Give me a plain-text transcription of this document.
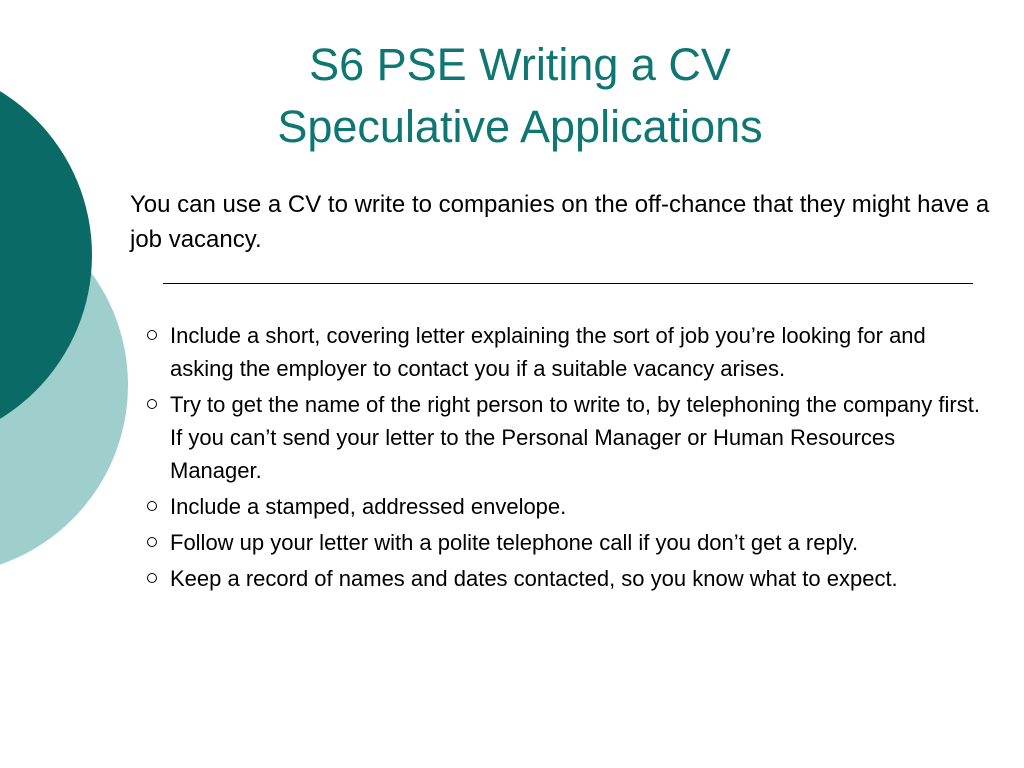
S6 PSE Writing a CV
Speculative Applications

You can use a CV to write to companies on the off-chance that they might have a job vacancy.

Include a short, covering letter explaining the sort of job you’re looking for and asking the employer to contact you if a suitable vacancy arises.
Try to get the name of the right person to write to, by telephoning the company first. If you can’t send your letter to the Personal Manager or Human Resources Manager.
Include a stamped, addressed envelope.
Follow up your letter with a polite telephone call if you don’t get a reply.
Keep a record of names and dates contacted, so you know what to expect.
